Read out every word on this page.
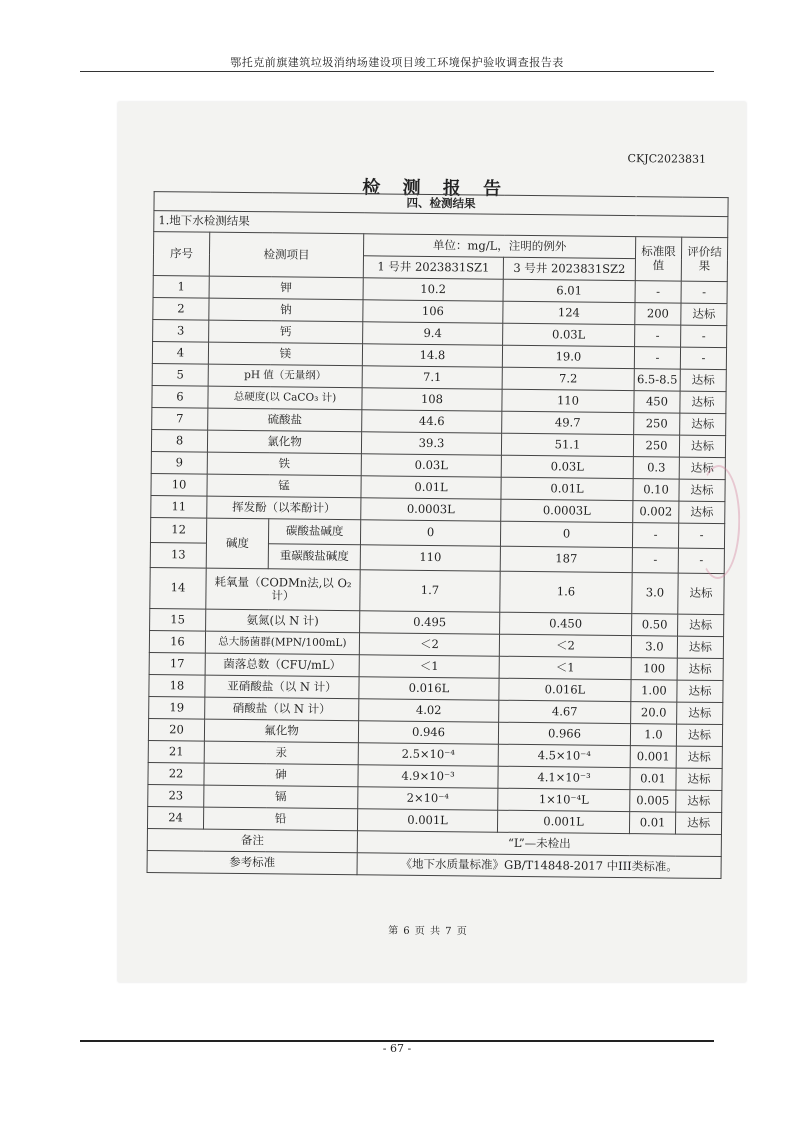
鄂托克前旗建筑垃圾消纳场建设项目竣工环境保护验收调查报告表
CKJC2023831
检 测 报 告
四、检测结果						
1.地下水检测结果						
序号	检测项目		单位：mg/L，注明的例外		标准限值	评价结果
			1 号井 2023831SZ1	3 号井 2023831SZ2		
1	钾		10.2	6.01	-	-
2	钠		106	124	200	达标
3	钙		9.4	0.03L	-	-
4	镁		14.8	19.0	-	-
5	pH 值（无量纲）		7.1	7.2	6.5-8.5	达标
6	总硬度(以 CaCO₃ 计)		108	110	450	达标
7	硫酸盐		44.6	49.7	250	达标
8	氯化物		39.3	51.1	250	达标
9	铁		0.03L	0.03L	0.3	达标
10	锰		0.01L	0.01L	0.10	达标
11	挥发酚（以苯酚计）		0.0003L	0.0003L	0.002	达标
12	碱度	碳酸盐碱度	0	0	-	-
13		重碳酸盐碱度	110	187	-	-
14	耗氧量（CODMn法,以 O₂ 计）		1.7	1.6	3.0	达标
15	氨氮(以 N 计)		0.495	0.450	0.50	达标
16	总大肠菌群(MPN/100mL)		＜2	＜2	3.0	达标
17	菌落总数（CFU/mL）		＜1	＜1	100	达标
18	亚硝酸盐（以 N 计）		0.016L	0.016L	1.00	达标
19	硝酸盐（以 N 计）		4.02	4.67	20.0	达标
20	氟化物		0.946	0.966	1.0	达标
21	汞		2.5×10⁻⁴	4.5×10⁻⁴	0.001	达标
22	砷		4.9×10⁻³	4.1×10⁻³	0.01	达标
23	镉		2×10⁻⁴	1×10⁻⁴L	0.005	达标
24	铅		0.001L	0.001L	0.01	达标
备注			“L”—未检出			
参考标准			《地下水质量标准》GB/T14848-2017 中III类标准。			
第 6 页 共 7 页
- 67 -
